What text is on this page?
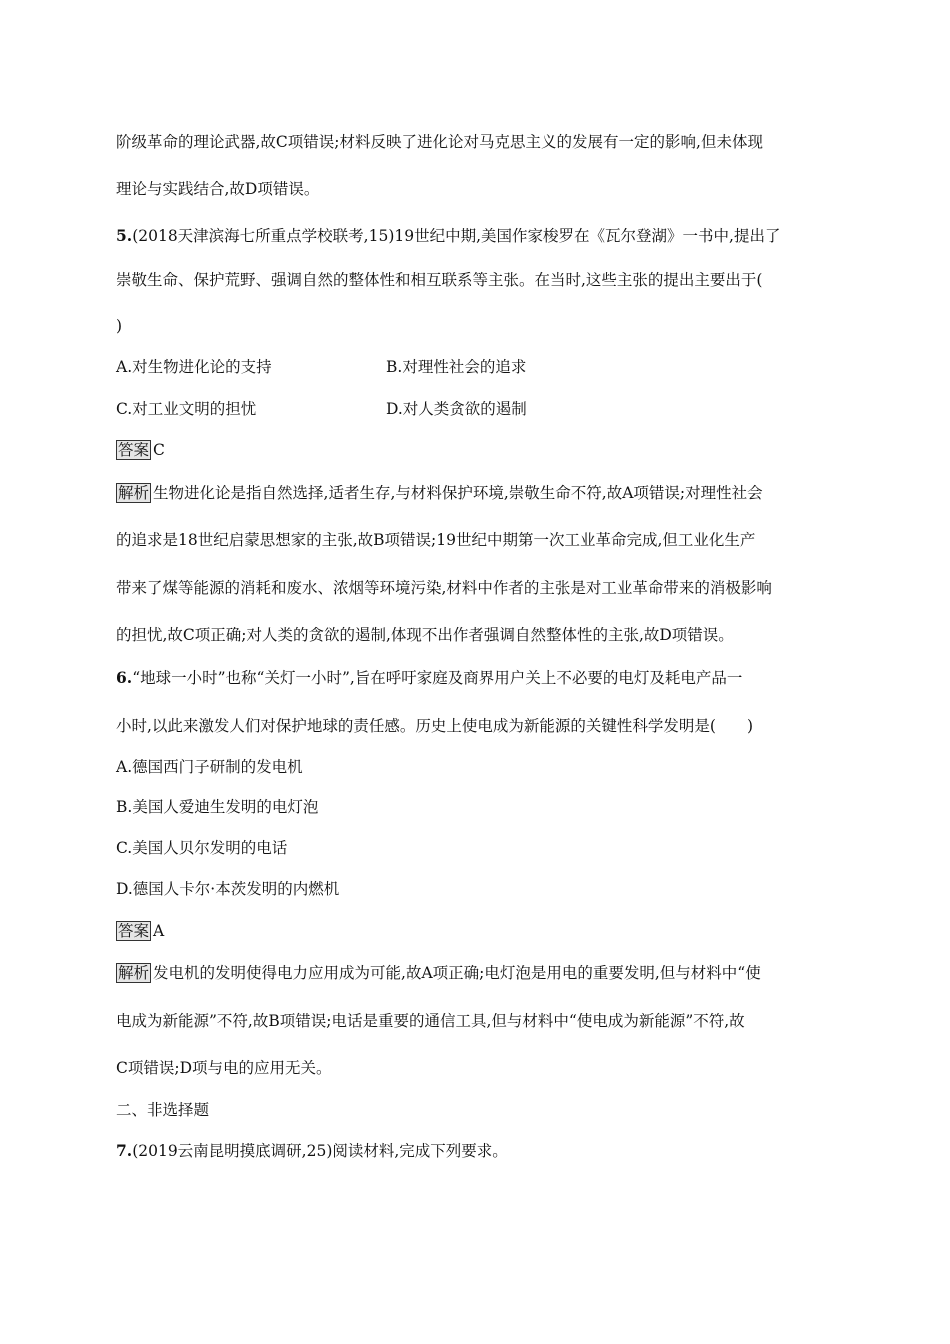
阶级革命的理论武器,故C项错误;材料反映了进化论对马克思主义的发展有一定的影响,但未体现
理论与实践结合,故D项错误。
5.(2018天津滨海七所重点学校联考,15)19世纪中期,美国作家梭罗在《瓦尔登湖》一书中,提出了
崇敬生命、保护荒野、强调自然的整体性和相互联系等主张。在当时,这些主张的提出主要出于(
)
A.对生物进化论的支持	B.对理性社会的追求
C.对工业文明的担忧	D.对人类贪欲的遏制
答案 C
解析 生物进化论是指自然选择,适者生存,与材料保护环境,崇敬生命不符,故A项错误;对理性社会
的追求是18世纪启蒙思想家的主张,故B项错误;19世纪中期第一次工业革命完成,但工业化生产
带来了煤等能源的消耗和废水、浓烟等环境污染,材料中作者的主张是对工业革命带来的消极影响
的担忧,故C项正确;对人类的贪欲的遏制,体现不出作者强调自然整体性的主张,故D项错误。
6.“地球一小时”也称“关灯一小时”,旨在呼吁家庭及商界用户关上不必要的电灯及耗电产品一
小时,以此来激发人们对保护地球的责任感。历史上使电成为新能源的关键性科学发明是(　　)
A.德国西门子研制的发电机
B.美国人爱迪生发明的电灯泡
C.美国人贝尔发明的电话
D.德国人卡尔·本茨发明的内燃机
答案 A
解析 发电机的发明使得电力应用成为可能,故A项正确;电灯泡是用电的重要发明,但与材料中“使
电成为新能源”不符,故B项错误;电话是重要的通信工具,但与材料中“使电成为新能源”不符,故
C项错误;D项与电的应用无关。
二、非选择题
7.(2019云南昆明摸底调研,25)阅读材料,完成下列要求。
